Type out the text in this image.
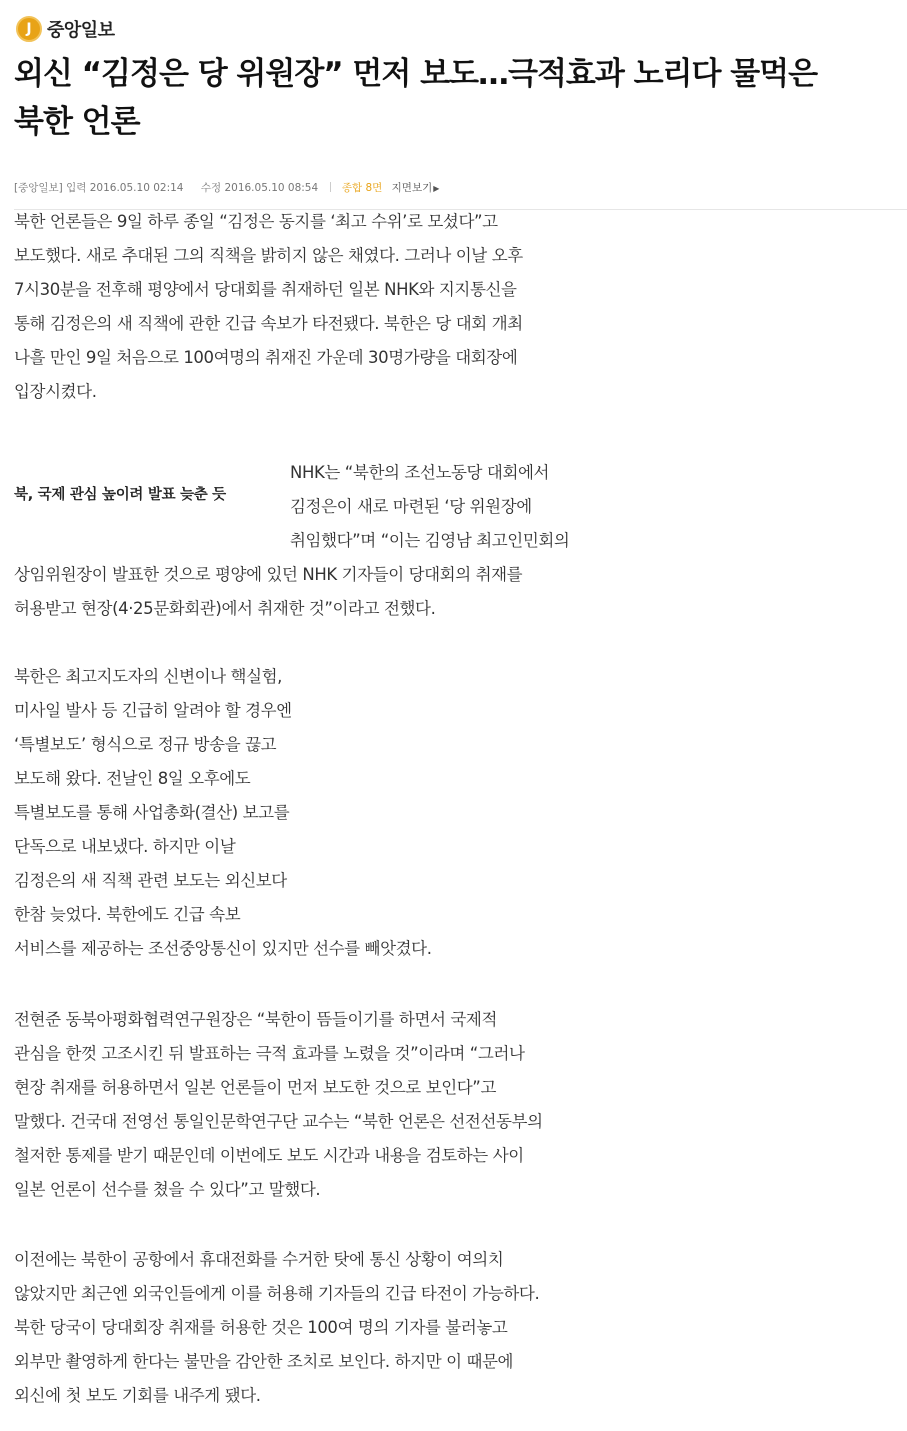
J 중앙일보
외신 “김정은 당 위원장” 먼저 보도…극적효과 노리다 물먹은
북한 언론
[중앙일보] 입력 2016.05.10 02:14 수정 2016.05.10 08:54 종합 8면 지면보기▶
북한 언론들은 9일 하루 종일 “김정은 동지를 ‘최고 수위’로 모셨다”고
보도했다. 새로 추대된 그의 직책을 밝히지 않은 채였다. 그러나 이날 오후
7시30분을 전후해 평양에서 당대회를 취재하던 일본 NHK와 지지통신을
통해 김정은의 새 직책에 관한 긴급 속보가 타전됐다. 북한은 당 대회 개최
나흘 만인 9일 처음으로 100여명의 취재진 가운데 30명가량을 대회장에
입장시켰다.
북, 국제 관심 높이려 발표 늦춘 듯
NHK는 “북한의 조선노동당 대회에서
김정은이 새로 마련된 ‘당 위원장에
취임했다”며 “이는 김영남 최고인민회의
상임위원장이 발표한 것으로 평양에 있던 NHK 기자들이 당대회의 취재를
허용받고 현장(4·25문화회관)에서 취재한 것”이라고 전했다.
북한은 최고지도자의 신변이나 핵실험,
미사일 발사 등 긴급히 알려야 할 경우엔
‘특별보도’ 형식으로 정규 방송을 끊고
보도해 왔다. 전날인 8일 오후에도
특별보도를 통해 사업총화(결산) 보고를
단독으로 내보냈다. 하지만 이날
김정은의 새 직책 관련 보도는 외신보다
한참 늦었다. 북한에도 긴급 속보
서비스를 제공하는 조선중앙통신이 있지만 선수를 빼앗겼다.
전현준 동북아평화협력연구원장은 “북한이 뜸들이기를 하면서 국제적
관심을 한껏 고조시킨 뒤 발표하는 극적 효과를 노렸을 것”이라며 “그러나
현장 취재를 허용하면서 일본 언론들이 먼저 보도한 것으로 보인다”고
말했다. 건국대 전영선 통일인문학연구단 교수는 “북한 언론은 선전선동부의
철저한 통제를 받기 때문인데 이번에도 보도 시간과 내용을 검토하는 사이
일본 언론이 선수를 쳤을 수 있다”고 말했다.
이전에는 북한이 공항에서 휴대전화를 수거한 탓에 통신 상황이 여의치
않았지만 최근엔 외국인들에게 이를 허용해 기자들의 긴급 타전이 가능하다.
북한 당국이 당대회장 취재를 허용한 것은 100여 명의 기자를 불러놓고
외부만 촬영하게 한다는 불만을 감안한 조치로 보인다. 하지만 이 때문에
외신에 첫 보도 기회를 내주게 됐다.
